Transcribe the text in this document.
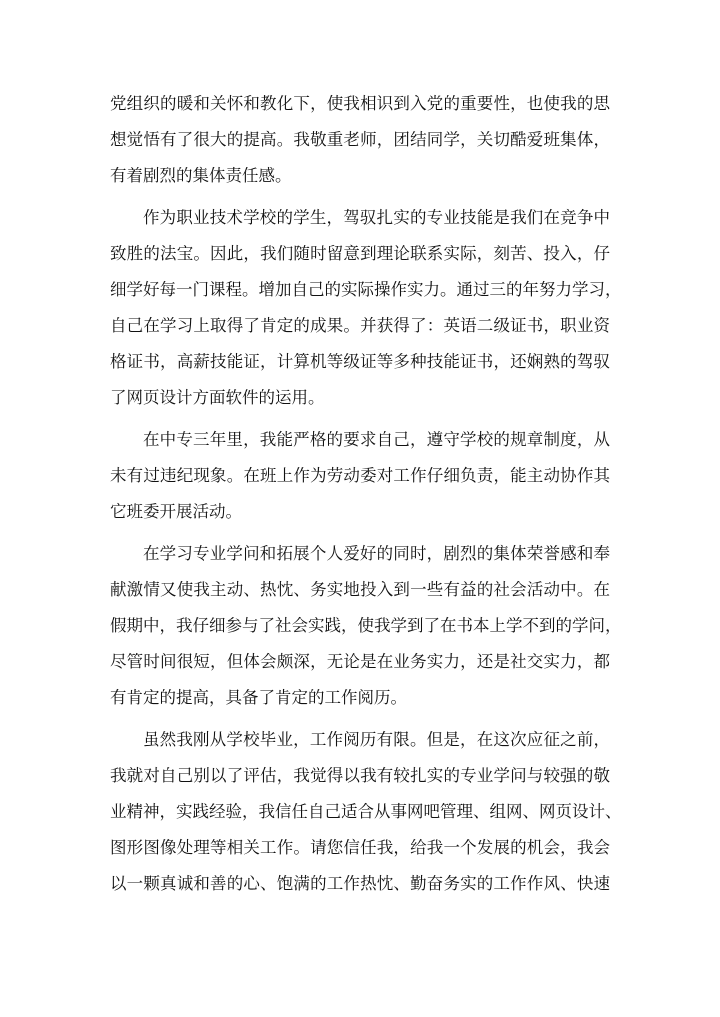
党组织的暖和关怀和教化下，使我相识到入党的重要性，也使我的思
想觉悟有了很大的提高。我敬重老师，团结同学，关切酷爱班集体，
有着剧烈的集体责任感。
作为职业技术学校的学生，驾驭扎实的专业技能是我们在竞争中
致胜的法宝。因此，我们随时留意到理论联系实际，刻苦、投入，仔
细学好每一门课程。增加自己的实际操作实力。通过三的年努力学习，
自己在学习上取得了肯定的成果。并获得了：英语二级证书，职业资
格证书，高薪技能证，计算机等级证等多种技能证书，还娴熟的驾驭
了网页设计方面软件的运用。
在中专三年里，我能严格的要求自己，遵守学校的规章制度，从
未有过违纪现象。在班上作为劳动委对工作仔细负责，能主动协作其
它班委开展活动。
在学习专业学问和拓展个人爱好的同时，剧烈的集体荣誉感和奉
献激情又使我主动、热忱、务实地投入到一些有益的社会活动中。在
假期中，我仔细参与了社会实践，使我学到了在书本上学不到的学问，
尽管时间很短，但体会颇深，无论是在业务实力，还是社交实力，都
有肯定的提高，具备了肯定的工作阅历。
虽然我刚从学校毕业，工作阅历有限。但是，在这次应征之前，
我就对自己别以了评估，我觉得以我有较扎实的专业学问与较强的敬
业精神，实践经验，我信任自己适合从事网吧管理、组网、网页设计、
图形图像处理等相关工作。请您信任我，给我一个发展的机会，我会
以一颗真诚和善的心、饱满的工作热忱、勤奋务实的工作作风、快速
